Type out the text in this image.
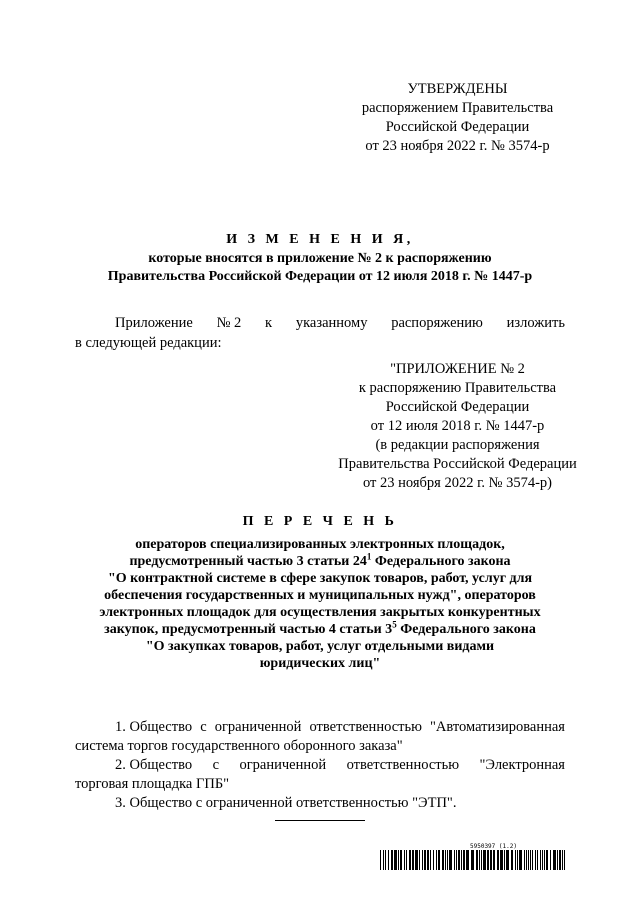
УТВЕРЖДЕНЫ
распоряжением Правительства
Российской Федерации
от 23 ноября 2022 г. № 3574-р
И З М Е Н Е Н И Я,
которые вносятся в приложение № 2 к распоряжению
Правительства Российской Федерации от 12 июля 2018 г. № 1447-р
Приложение № 2 к указанному распоряжению изложить
в следующей редакции:
"ПРИЛОЖЕНИЕ № 2
к распоряжению Правительства
Российской Федерации
от 12 июля 2018 г. № 1447-р
(в редакции распоряжения
Правительства Российской Федерации
от 23 ноября 2022 г. № 3574-р)
П Е Р Е Ч Е Н Ь
операторов специализированных электронных площадок,
предусмотренный частью 3 статьи $24^1$ Федерального закона
"О контрактной системе в сфере закупок товаров, работ, услуг для
обеспечения государственных и муниципальных нужд", операторов
электронных площадок для осуществления закрытых конкурентных
закупок, предусмотренный частью 4 статьи $3^5$ Федерального закона
"О закупках товаров, работ, услуг отдельными видами
юридических лиц"
1. Общество с ограниченной ответственностью "Автоматизированная
система торгов государственного оборонного заказа"
2. Общество с ограниченной ответственностью "Электронная
торговая площадка ГПБ"
3. Общество с ограниченной ответственностью "ЭТП".
5950397 (1.2)
